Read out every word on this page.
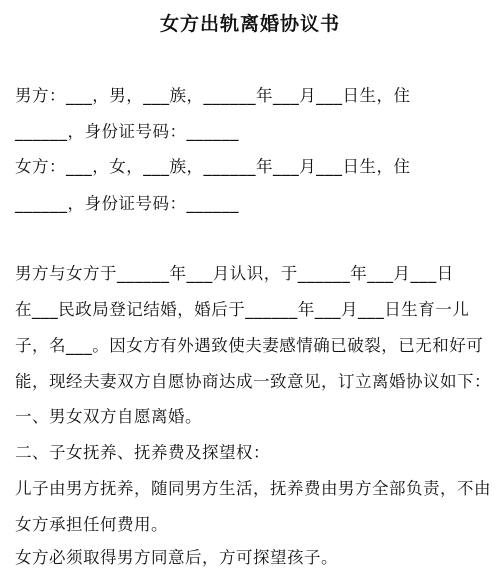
女方出轨离婚协议书
男方：___，男，___族，______年___月___日生，住
______，身份证号码：______
女方：___，女，___族，______年___月___日生，住
______，身份证号码：______
男方与女方于______年___月认识，于______年___月___日
在___民政局登记结婚，婚后于______年___月___日生育一儿
子，名___。因女方有外遇致使夫妻感情确已破裂，已无和好可
能，现经夫妻双方自愿协商达成一致意见，订立离婚协议如下：
一、男女双方自愿离婚。
二、子女抚养、抚养费及探望权：
儿子由男方抚养，随同男方生活，抚养费由男方全部负责，不由
女方承担任何费用。
女方必须取得男方同意后，方可探望孩子。
